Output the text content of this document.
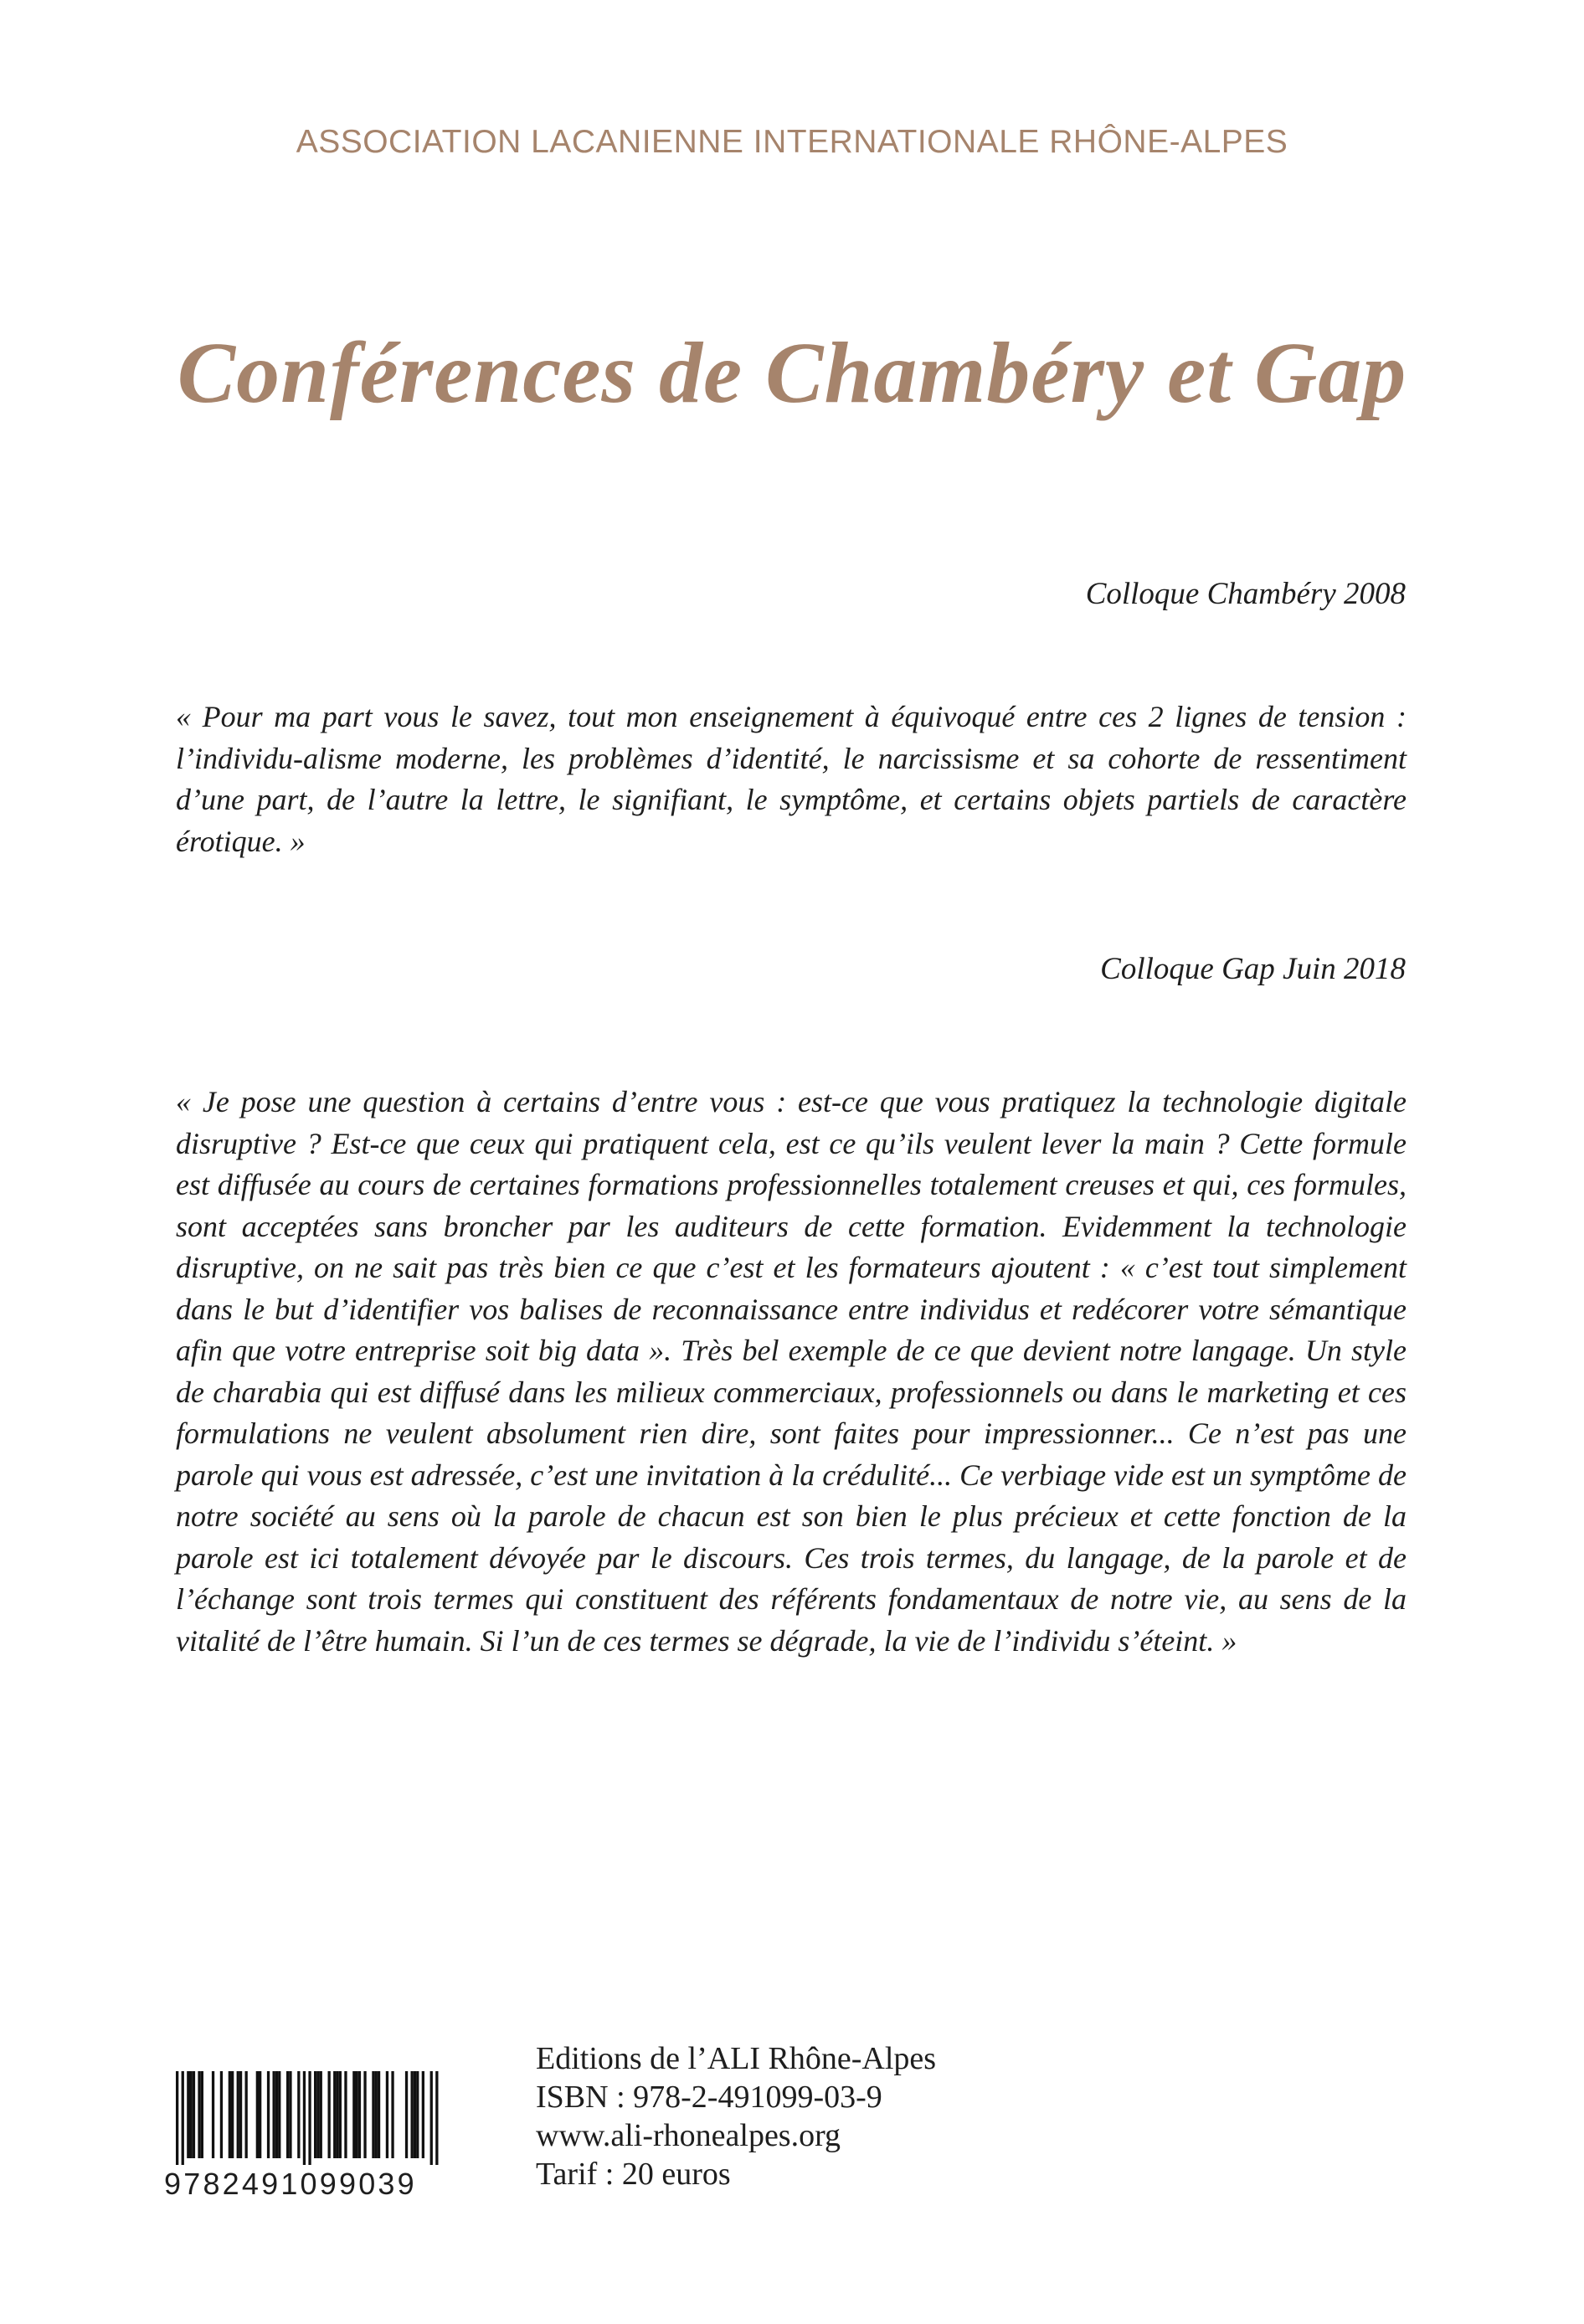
ASSOCIATION LACANIENNE INTERNATIONALE RHÔNE-ALPES
Conférences de Chambéry et Gap
Colloque Chambéry 2008
« Pour ma part vous le savez, tout mon enseignement à équivoqué entre ces 2 lignes de tension : l’individu-alisme moderne, les problèmes d’identité, le narcissisme et sa cohorte de ressentiment d’une part, de l’autre la lettre, le signifiant, le symptôme, et certains objets partiels de caractère érotique. »
Colloque Gap Juin 2018
« Je pose une question à certains d’entre vous : est-ce que vous pratiquez la technologie digitale disruptive ? Est-ce que ceux qui pratiquent cela, est ce qu’ils veulent lever la main ? Cette formule est diffusée au cours de certaines formations professionnelles totalement creuses et qui, ces formules, sont acceptées sans broncher par les auditeurs de cette formation. Evidemment la technologie disruptive, on ne sait pas très bien ce que c’est et les formateurs ajoutent : « c’est tout simplement dans le but d’identifier vos balises de reconnaissance entre individus et redécorer votre sémantique afin que votre entreprise soit big data ». Très bel exemple de ce que devient notre langage. Un style de charabia qui est diffusé dans les milieux commerciaux, professionnels ou dans le marketing et ces formulations ne veulent absolument rien dire, sont faites pour impressionner... Ce n’est pas une parole qui vous est adressée, c’est une invitation à la crédulité... Ce verbiage vide est un symptôme de notre société au sens où la parole de chacun est son bien le plus précieux et cette fonction de la parole est ici totalement dévoyée par le discours. Ces trois termes, du langage, de la parole et de l’échange sont trois termes qui constituent des référents fondamentaux de notre vie, au sens de la vitalité de l’être humain. Si l’un de ces termes se dégrade, la vie de l’individu s’éteint. »
9782491099039
Editions de l’ALI Rhône-Alpes
ISBN : 978-2-491099-03-9
www.ali-rhonealpes.org
Tarif : 20 euros
